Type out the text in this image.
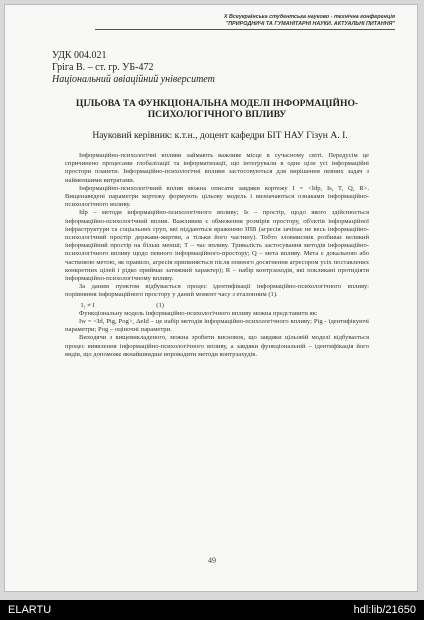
X Всеукраїнська студентська науково - технічна конференція
"ПРИРОДНИЧІ ТА ГУМАНІТАРНІ НАУКИ. АКТУАЛЬНІ ПИТАННЯ"
УДК 004.021
Гріга В. – ст. гр. УБ-472
Національний авіаційний університет
ЦІЛЬОВА ТА ФУНКЦІОНАЛЬНА МОДЕЛІ ІНФОРМАЦІЙНО-
ПСИХОЛОГІЧНОГО ВПЛИВУ
Науковий керівник: к.т.н., доцент кафедри БІТ НАУ Гізун А. І.

Інформаційно-психологічні впливи займають важливе місце в сучасному світі. Передусім це спричинено процесами глобалізації та інформатизації, що інтегрували в одне ціле усі інформаційні простори планети. Інформаційно-психологічні впливи застосовуються для вирішення певних задач з найменшими витратами.

Інформаційно-психологічний вплив можна описати завдяки кортежу I = <Idp, Is, T, Q, R>. Вищенаведені параметри кортежу формують цільову модель і визначаються ознаками інформаційно-психологічного впливу.

Idp – методи інформаційно-психологічного впливу; Is – простір, щодо якого здійснюється інформаційно-психологічний вплив. Важливим є обмеження розмірів простору, об'єктів інформаційної інфраструктури та соціальних груп, які піддаються враженню ІПВ (агресія зачіпає не весь інформаційно-психологічний простір держави-жертви, а тільки його частину). Тобто зловмисник розбиває великий інформаційний простір на більш менші; T – час впливу. Тривалість застосування методів інформаційно-психологічного впливу щодо певного інформаційного-простору; Q – мета впливу. Мета є докальною або частковою метою, як правило, агресія припиняється після повного досягнення агресором усіх поставлених конкретних цілей і рідко приймає затяжний характер); R – набір контрзаходів, які покликані протидіяти інформаційно-психологічному впливу.

За даним пунктом відбувається процес ідентифікації інформаційно-психологічного впливу: порівняння інформаційного простору у даний момент часу з еталонним (1).

I₁ ≠ I	(1)

Функціональну модель інформаційно-психологічного впливу можна представити як:

Iw = <Id, Pig, Pog>, ΔeId – це набір методів інформаційно-психологічного впливу; Pig - ідентифікуючі параметри; Pog – оціночні параметри.

Виходячи з вищевикладеного, можна зробити висновок, що завдяки цільовій моделі відбувається процес виявлення інформаційно-психологічного впливу, а завдяки функціональній – ідентифікація його видів, що допоможе якнайшвидше впровадити методи контрзахудів.

49
ELARTU	hdl:lib/21650
